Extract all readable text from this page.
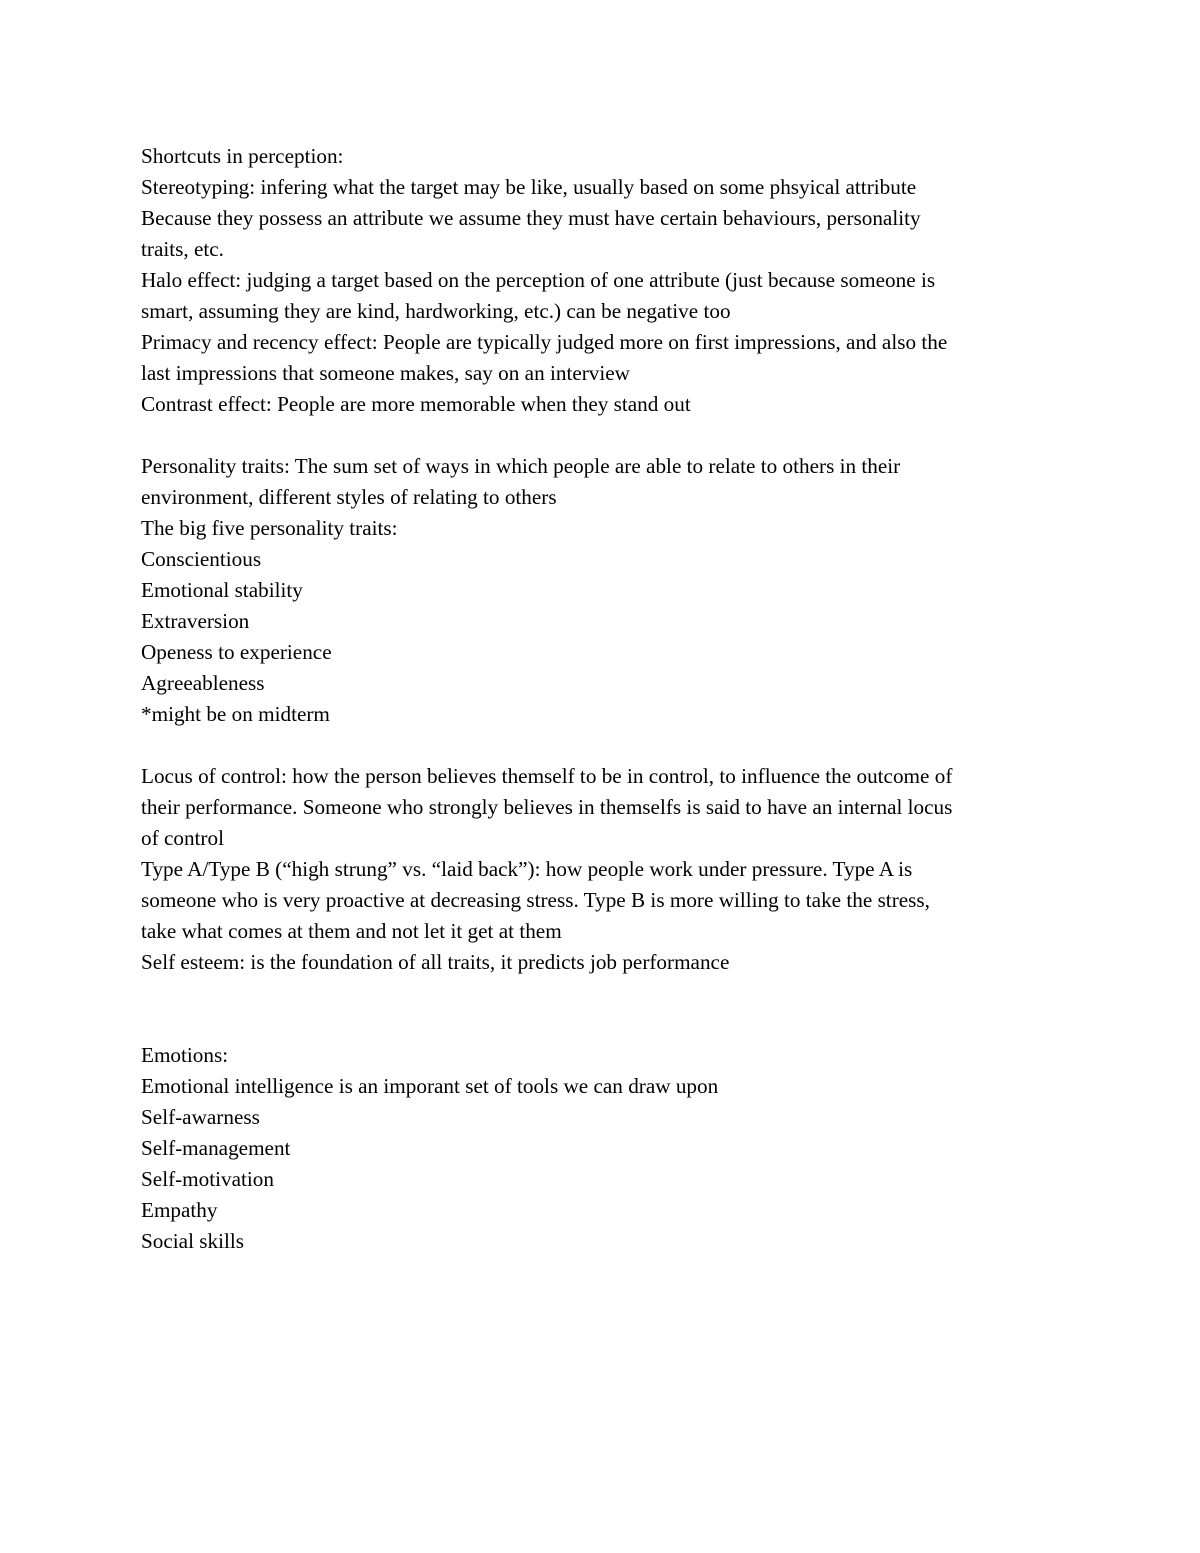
Shortcuts in perception:
Stereotyping: infering what the target may be like, usually based on some phsyical attribute
Because they possess an attribute we assume they must have certain behaviours, personality
traits, etc.
Halo effect: judging a target based on the perception of one attribute (just because someone is
smart, assuming they are kind, hardworking, etc.) can be negative too
Primacy and recency effect: People are typically judged more on first impressions, and also the
last impressions that someone makes, say on an interview
Contrast effect: People are more memorable when they stand out
Personality traits: The sum set of ways in which people are able to relate to others in their
environment, different styles of relating to others
The big five personality traits:
Conscientious
Emotional stability
Extraversion
Openess to experience
Agreeableness
*might be on midterm
Locus of control: how the person believes themself to be in control, to influence the outcome of
their performance. Someone who strongly believes in themselfs is said to have an internal locus
of control
Type A/Type B (“high strung” vs. “laid back”): how people work under pressure. Type A is
someone who is very proactive at decreasing stress. Type B is more willing to take the stress,
take what comes at them and not let it get at them
Self esteem: is the foundation of all traits, it predicts job performance
Emotions:
Emotional intelligence is an imporant set of tools we can draw upon
Self-awarness
Self-management
Self-motivation
Empathy
Social skills
